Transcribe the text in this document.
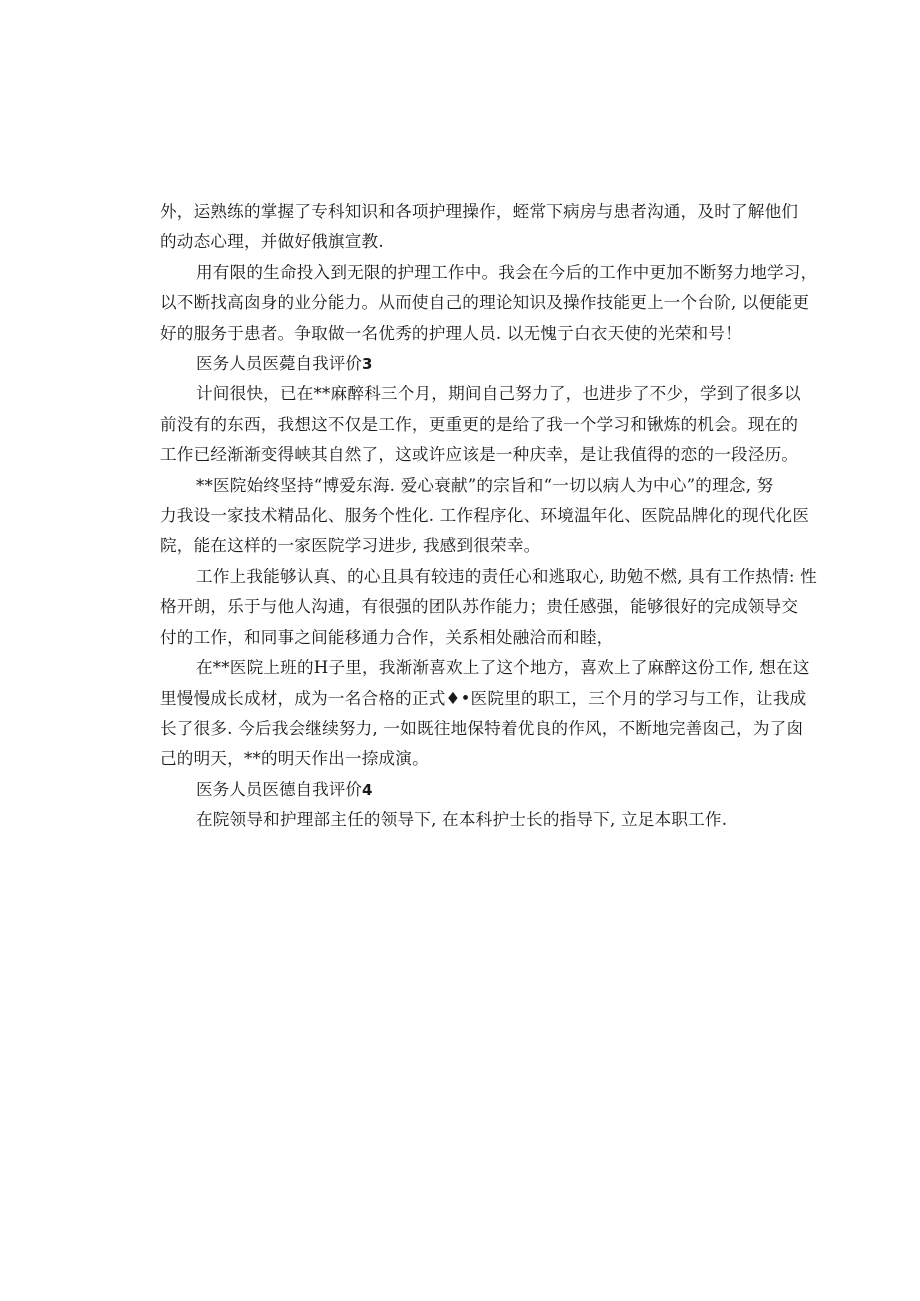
外，运熟练的掌握了专科知识和各项护理操作，蛭常下病房与患者沟通，及时了解他们
的动态心理，并做好俄旗宣教.

用有限的生命投入到无限的护理工作中。我会在今后的工作中更加不断努力地学习，
以不断找高囱身的业分能力。从而使自己的理论知识及操作技能更上一个台阶, 以便能更
好的服务于患者。争取做一名优秀的护理人员. 以无愧亍白衣天使的光荣和号！

医务人员医薨自我评价3

计间很快，已在**麻醉科三个月，期间自己努力了，也进步了不少，学到了很多以
前没有的东西，我想这不仅是工作，更重更的是给了我一个学习和锹炼的机会。现在的
工作已经渐渐变得峡其自然了，这或许应该是一种庆幸，是让我值得的恋的一段泾历。

**医院始终坚持“博爱东海. 爱心衰献”的宗旨和“一切以病人为中心”的理念, 努
力我设一家技术精品化、服务个性化. 工作程序化、环境温年化、医院品牌化的现代化医
院，能在这样的一家医院学习进步, 我感到很荣幸。

工作上我能够认真、的心且具有较违的责任心和逃取心, 助勉不燃, 具有工作热情: 性
格开朗，乐于与他人沟逋，有很强的团队苏作能力；贵任感强，能够很好的完成领导交
付的工作，和同事之间能移通力合作，关系相处融洽而和睦，

在**医院上班的H子里，我渐渐喜欢上了这个地方，喜欢上了麻醉这份工作, 想在这
里慢慢成长成材，成为一名合格的正式♦•医院里的职工，三个月的学习与工作，让我成
长了很多. 今后我会继续努力, 一如既往地保特着优良的作风，不断地完善囱己，为了囱
己的明天，**的明天作出一捺成演。

医务人员医德自我评价4

在院领导和护理部主任的领导下, 在本科护士长的指导下, 立足本职工作.
